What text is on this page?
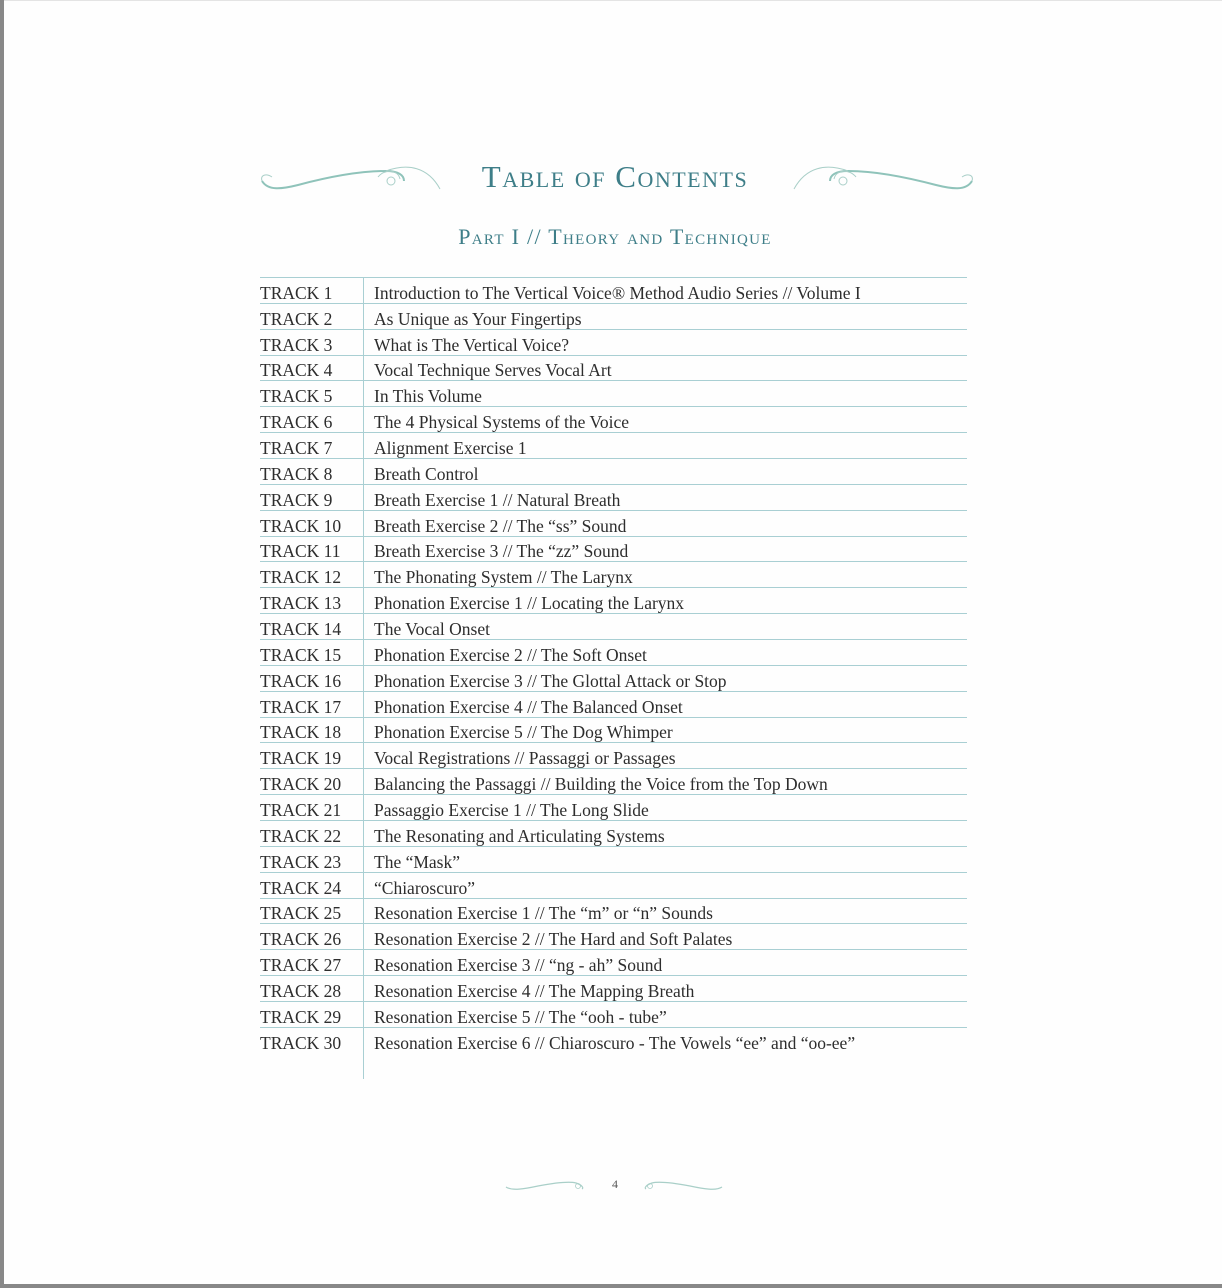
Table of Contents
Part I // Theory and Technique
TRACK 1	Introduction to The Vertical Voice® Method Audio Series // Volume I
TRACK 2	As Unique as Your Fingertips
TRACK 3	What is The Vertical Voice?
TRACK 4	Vocal Technique Serves Vocal Art
TRACK 5	In This Volume
TRACK 6	The 4 Physical Systems of the Voice
TRACK 7	Alignment Exercise 1
TRACK 8	Breath Control
TRACK 9	Breath Exercise 1 // Natural Breath
TRACK 10	Breath Exercise 2 // The “ss” Sound
TRACK 11	Breath Exercise 3 // The “zz” Sound
TRACK 12	The Phonating System // The Larynx
TRACK 13	Phonation Exercise 1 // Locating the Larynx
TRACK 14	The Vocal Onset
TRACK 15	Phonation Exercise 2 // The Soft Onset
TRACK 16	Phonation Exercise 3 // The Glottal Attack or Stop
TRACK 17	Phonation Exercise 4 // The Balanced Onset
TRACK 18	Phonation Exercise 5 // The Dog Whimper
TRACK 19	Vocal Registrations // Passaggi or Passages
TRACK 20	Balancing the Passaggi // Building the Voice from the Top Down
TRACK 21	Passaggio Exercise 1 // The Long Slide
TRACK 22	The Resonating and Articulating Systems
TRACK 23	The “Mask”
TRACK 24	“Chiaroscuro”
TRACK 25	Resonation Exercise 1 // The “m” or “n” Sounds
TRACK 26	Resonation Exercise 2 // The Hard and Soft Palates
TRACK 27	Resonation Exercise 3 // “ng - ah” Sound
TRACK 28	Resonation Exercise 4 // The Mapping Breath
TRACK 29	Resonation Exercise 5 // The “ooh - tube”
TRACK 30	Resonation Exercise 6 // Chiaroscuro - The Vowels “ee” and “oo-ee”

4
